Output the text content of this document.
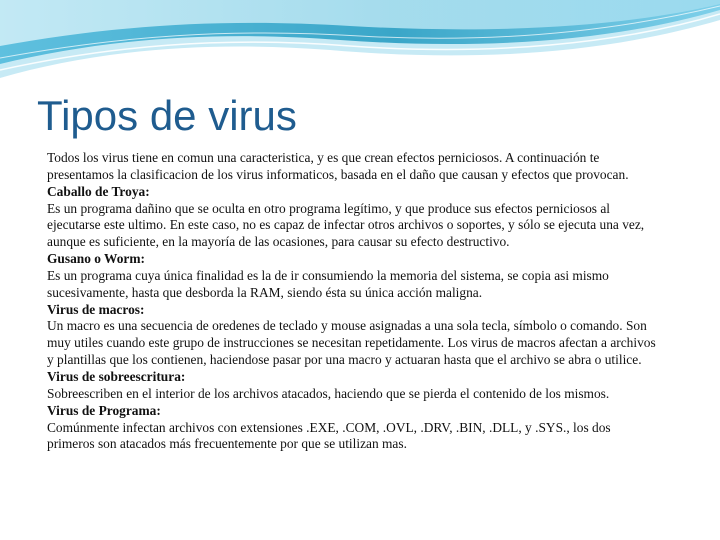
Tipos de virus

Todos los virus tiene en comun una caracteristica, y es que crean efectos perniciosos. A continuación te presentamos la clasificacion de los virus informaticos, basada en el daño que causan y efectos que provocan.

Caballo de Troya:

Es un programa dañino que se oculta en otro programa legítimo, y que produce sus efectos perniciosos al ejecutarse este ultimo. En este caso, no es capaz de infectar otros archivos o soportes, y sólo se ejecuta una vez, aunque es suficiente, en la mayoría de las ocasiones, para causar su efecto destructivo.

Gusano o Worm:

Es un programa cuya única finalidad es la de ir consumiendo la memoria del sistema, se copia asi mismo sucesivamente, hasta que desborda la RAM, siendo ésta su única acción maligna.

Virus de macros:

Un macro es una secuencia de oredenes de teclado y mouse asignadas a una sola tecla, símbolo o comando. Son muy utiles cuando este grupo de instrucciones se necesitan repetidamente. Los virus de macros afectan a archivos y plantillas que los contienen, haciendose pasar por una macro y actuaran hasta que el archivo se abra o utilice.

Virus de sobreescritura:

Sobreescriben en el interior de los archivos atacados, haciendo que se pierda el contenido de los mismos.

Virus de Programa:

Comúnmente infectan archivos con extensiones .EXE, .COM, .OVL, .DRV, .BIN, .DLL, y .SYS., los dos primeros son atacados más frecuentemente por que se utilizan mas.
